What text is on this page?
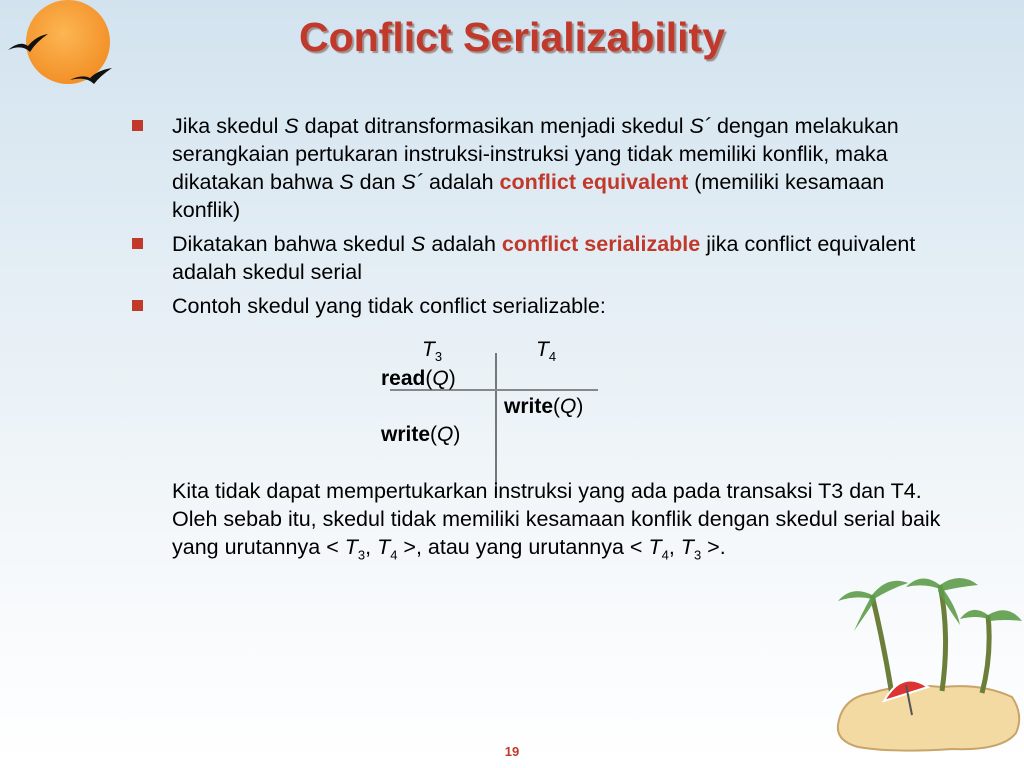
Conflict Serializability
Jika skedul S dapat ditransformasikan menjadi skedul S´ dengan melakukan serangkaian pertukaran instruksi-instruksi yang tidak memiliki konflik, maka dikatakan bahwa S dan S´ adalah conflict equivalent (memiliki kesamaan konflik)
Dikatakan bahwa skedul S adalah conflict serializable jika conflict equivalent adalah skedul serial
Contoh skedul yang tidak conflict serializable:
$T_3$	$T_4$
read(Q)
write(Q)
write(Q)
Kita tidak dapat mempertukarkan instruksi yang ada pada transaksi T3 dan T4. Oleh sebab itu, skedul tidak memiliki kesamaan konflik dengan skedul serial baik yang urutannya < $T_3$, $T_4$ >, atau yang urutannya < $T_4$, $T_3$ >.
19
